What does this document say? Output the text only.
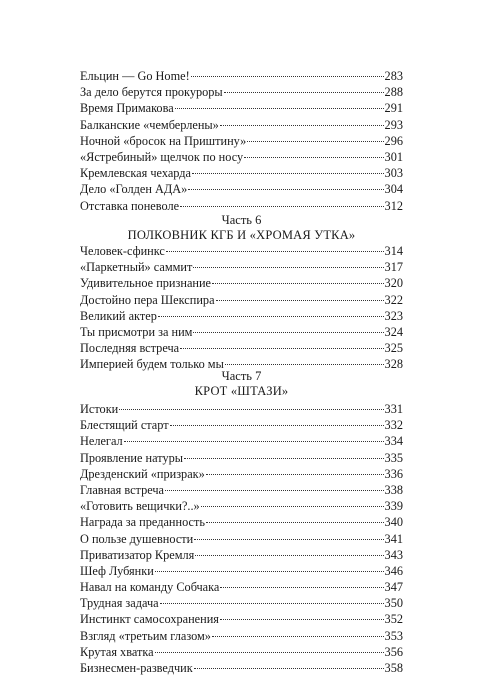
Ельцин — Go Home!	283
За дело берутся прокуроры	288
Время Примакова	291
Балканские «чемберлены»	293
Ночной «бросок на Приштину»	296
«Ястребиный» щелчок по носу	301
Кремлевская чехарда	303
Дело «Голден АДА»	304
Отставка поневоле	312
Часть 6
ПОЛКОВНИК КГБ И «ХРОМАЯ УТКА»
Человек-сфинкс	314
«Паркетный» саммит	317
Удивительное признание	320
Достойно пера Шекспира	322
Великий актер	323
Ты присмотри за ним	324
Последняя встреча	325
Империей будем только мы	328
Часть 7
КРОТ «ШТАЗИ»
Истоки	331
Блестящий старт	332
Нелегал	334
Проявление натуры	335
Дрезденский «призрак»	336
Главная встреча	338
«Готовить вещички?..»	339
Награда за преданность	340
О пользе душевности	341
Приватизатор Кремля	343
Шеф Лубянки	346
Навал на команду Собчака	347
Трудная задача	350
Инстинкт самосохранения	352
Взгляд «третьим глазом»	353
Крутая хватка	356
Бизнесмен-разведчик	358
